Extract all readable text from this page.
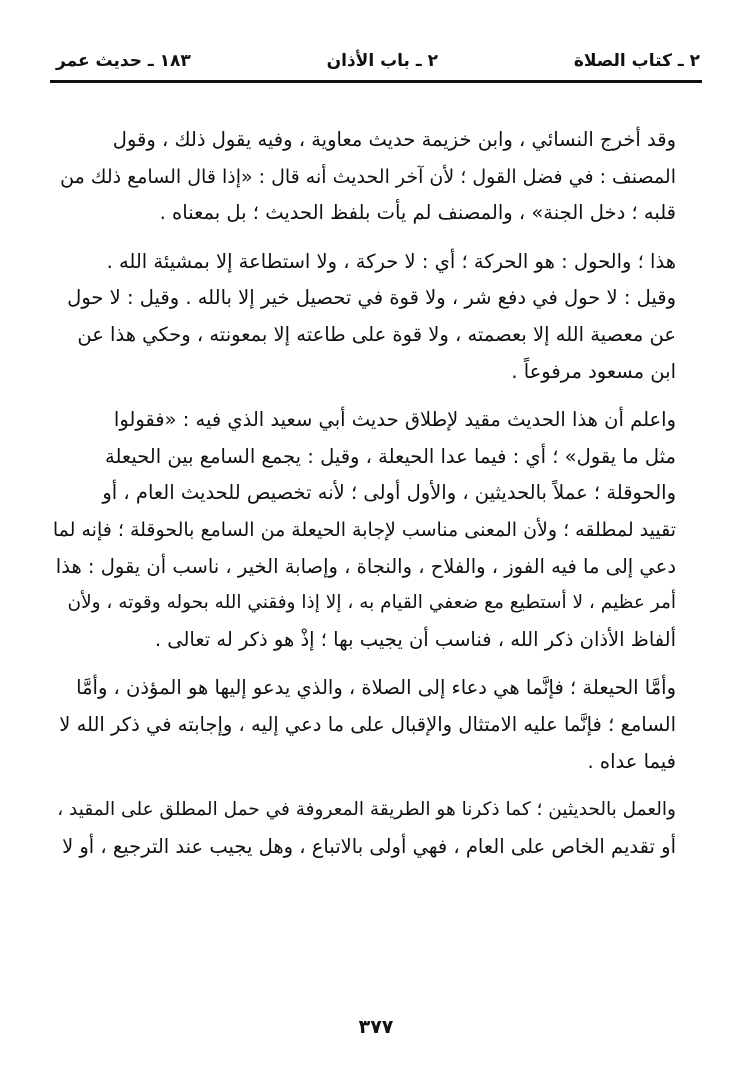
٢ ـ كتاب الصلاة
٢ ـ باب الأذان
١٨٣ ـ حديث عمر

وقد أخرج النسائي ، وابن خزيمة حديث معاوية ، وفيه يقول ذلك ، وقول
المصنف : في فضل القول ؛ لأن آخر الحديث أنه قال : «إذا قال السامع ذلك من
قلبه ؛ دخل الجنة» ، والمصنف لم يأت بلفظ الحديث ؛ بل بمعناه .

هذا ؛ والحول : هو الحركة ؛ أي : لا حركة ، ولا استطاعة إلا بمشيئة الله .
وقيل : لا حول في دفع شر ، ولا قوة في تحصيل خير إلا بالله . وقيل : لا حول
عن معصية الله إلا بعصمته ، ولا قوة على طاعته إلا بمعونته ، وحكي هذا عن
ابن مسعود مرفوعاً .

واعلم أن هذا الحديث مقيد لإطلاق حديث أبي سعيد الذي فيه : «فقولوا
مثل ما يقول» ؛ أي : فيما عدا الحيعلة ، وقيل : يجمع السامع بين الحيعلة
والحوقلة ؛ عملاً بالحديثين ، والأول أولى ؛ لأنه تخصيص للحديث العام ، أو
تقييد لمطلقه ؛ ولأن المعنى مناسب لإجابة الحيعلة من السامع بالحوقلة ؛ فإنه لما
دعي إلى ما فيه الفوز ، والفلاح ، والنجاة ، وإصابة الخير ، ناسب أن يقول : هذا
أمر عظيم ، لا أستطيع مع ضعفي القيام به ، إلا إذا وفقني الله بحوله وقوته ، ولأن
ألفاظ الأذان ذكر الله ، فناسب أن يجيب بها ؛ إذْ هو ذكر له تعالى .

وأمَّا الحيعلة ؛ فإنَّما هي دعاء إلى الصلاة ، والذي يدعو إليها هو المؤذن ، وأمَّا
السامع ؛ فإنَّما عليه الامتثال والإقبال على ما دعي إليه ، وإجابته في ذكر الله لا
فيما عداه .

والعمل بالحديثين ؛ كما ذكرنا هو الطريقة المعروفة في حمل المطلق على المقيد ،
أو تقديم الخاص على العام ، فهي أولى بالاتباع ، وهل يجيب عند الترجيع ، أو لا

٣٧٧
